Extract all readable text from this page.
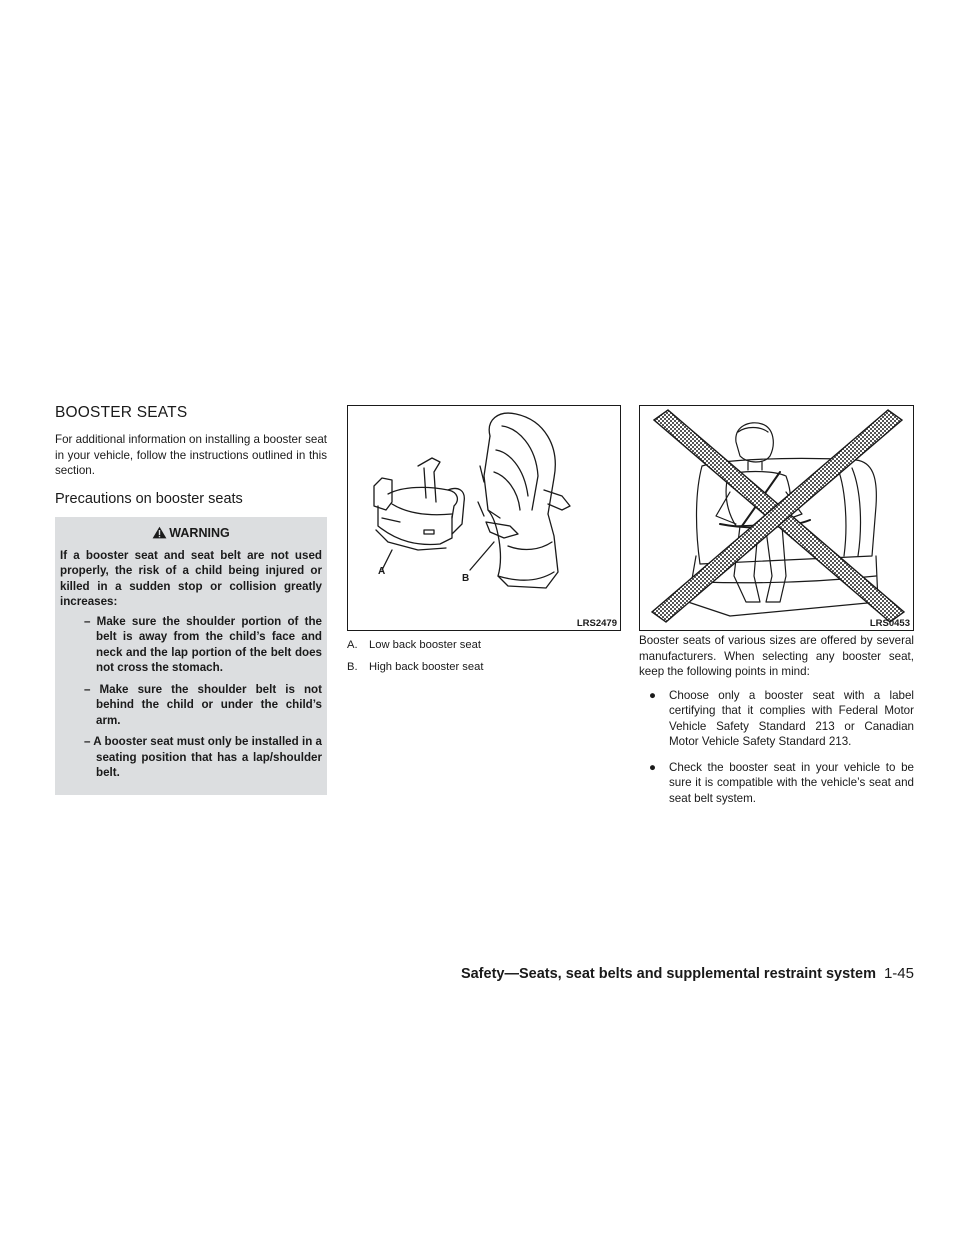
BOOSTER SEATS

For additional information on installing a booster seat in your vehicle, follow the instructions outlined in this section.

Precautions on booster seats
WARNING

If a booster seat and seat belt are not used properly, the risk of a child being injured or killed in a sudden stop or collision greatly increases:

– Make sure the shoulder portion of the belt is away from the child’s face and neck and the lap portion of the belt does not cross the stomach.
– Make sure the shoulder belt is not behind the child or under the child’s arm.
– A booster seat must only be installed in a seating position that has a lap/shoulder belt.
A
B
LRS2479
A.	Low back booster seat
B.	High back booster seat
LRS0453

Booster seats of various sizes are offered by several manufacturers. When selecting any booster seat, keep the following points in mind:

● Choose only a booster seat with a label certifying that it complies with Federal Motor Vehicle Safety Standard 213 or Canadian Motor Vehicle Safety Standard 213.
● Check the booster seat in your vehicle to be sure it is compatible with the vehicle’s seat and seat belt system.
Safety—Seats, seat belts and supplemental restraint system 1-45
